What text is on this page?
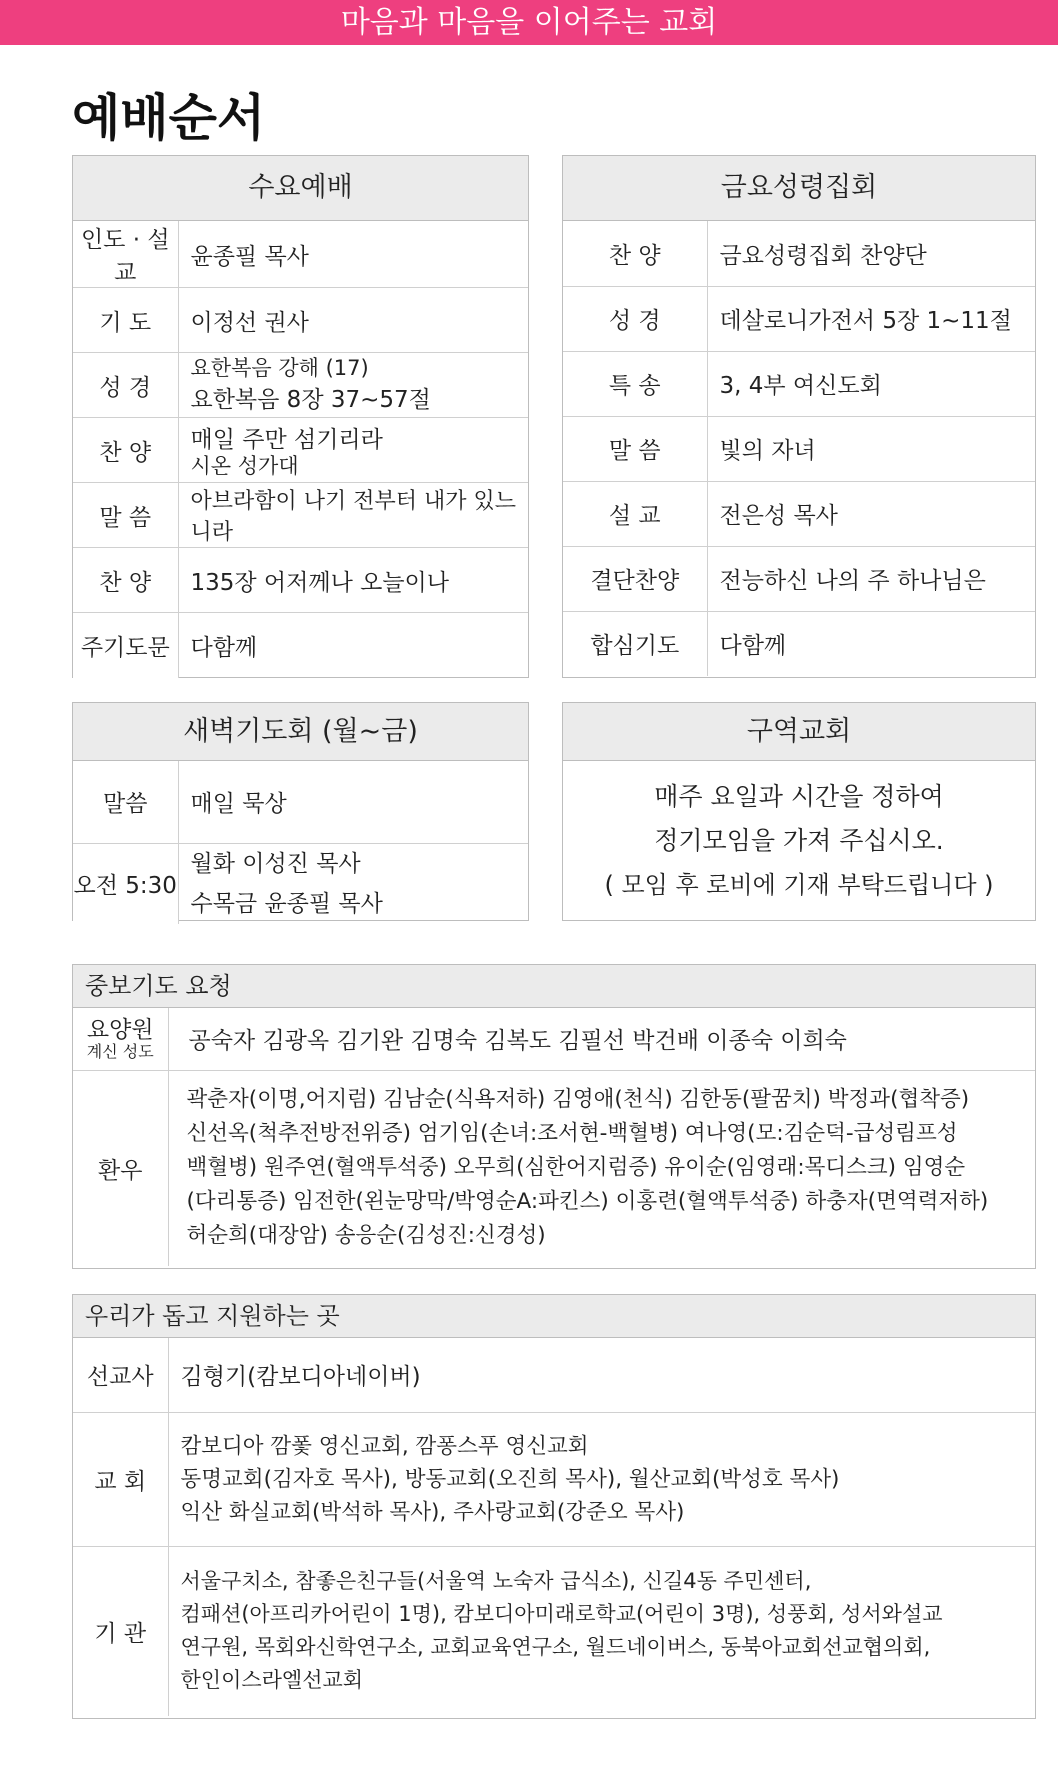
마음과 마음을 이어주는 교회
예배순서
수요예배
인도 · 설교	윤종필 목사
기 도	이정선 권사
성 경	요한복음 강해 (17)
요한복음 8장 37~57절

찬 양	매일 주만 섬기리라
시온 성가대

말 씀	아브라함이 나기 전부터 내가 있느니라
찬 양	135장 어저께나 오늘이나
주기도문	다함께
금요성령집회
찬 양	금요성령집회 찬양단
성 경	데살로니가전서 5장 1~11절
특 송	3, 4부 여신도회
말 씀	빛의 자녀
설 교	전은성 목사
결단찬양	전능하신 나의 주 하나님은
합심기도	다함께
새벽기도회 (월~금)
말씀	매일 묵상
오전 5:30	월화 이성진 목사
수목금 윤종필 목사
구역교회
매주 요일과 시간을 정하여
정기모임을 가져 주십시오.
( 모임 후 로비에 기재 부탁드립니다 )
중보기도 요청
요양원
계신 성도	공숙자 김광옥 김기완 김명숙 김복도 김필선 박건배 이종숙 이희숙
환우	곽춘자(이명,어지럼) 김남순(식욕저하) 김영애(천식) 김한동(팔꿈치) 박정과(협착증)
신선옥(척추전방전위증) 엄기임(손녀:조서현-백혈병) 여나영(모:김순덕-급성림프성
백혈병) 원주연(혈액투석중) 오무희(심한어지럼증) 유이순(임영래:목디스크) 임영순
(다리통증) 임전한(왼눈망막/박영순A:파킨스) 이홍련(혈액투석중) 하충자(면역력저하)
허순희(대장암) 송응순(김성진:신경성)
우리가 돕고 지원하는 곳
선교사	김형기(캄보디아네이버)
교 회	캄보디아 깜퐃 영신교회, 깜퐁스푸 영신교회
동명교회(김자호 목사), 방동교회(오진희 목사), 월산교회(박성호 목사)
익산 화실교회(박석하 목사), 주사랑교회(강준오 목사)

기 관	서울구치소, 참좋은친구들(서울역 노숙자 급식소), 신길4동 주민센터,
컴패션(아프리카어린이 1명), 캄보디아미래로학교(어린이 3명), 성풍회, 성서와설교
연구원, 목회와신학연구소, 교회교육연구소, 월드네이버스, 동북아교회선교협의회,
한인이스라엘선교회
